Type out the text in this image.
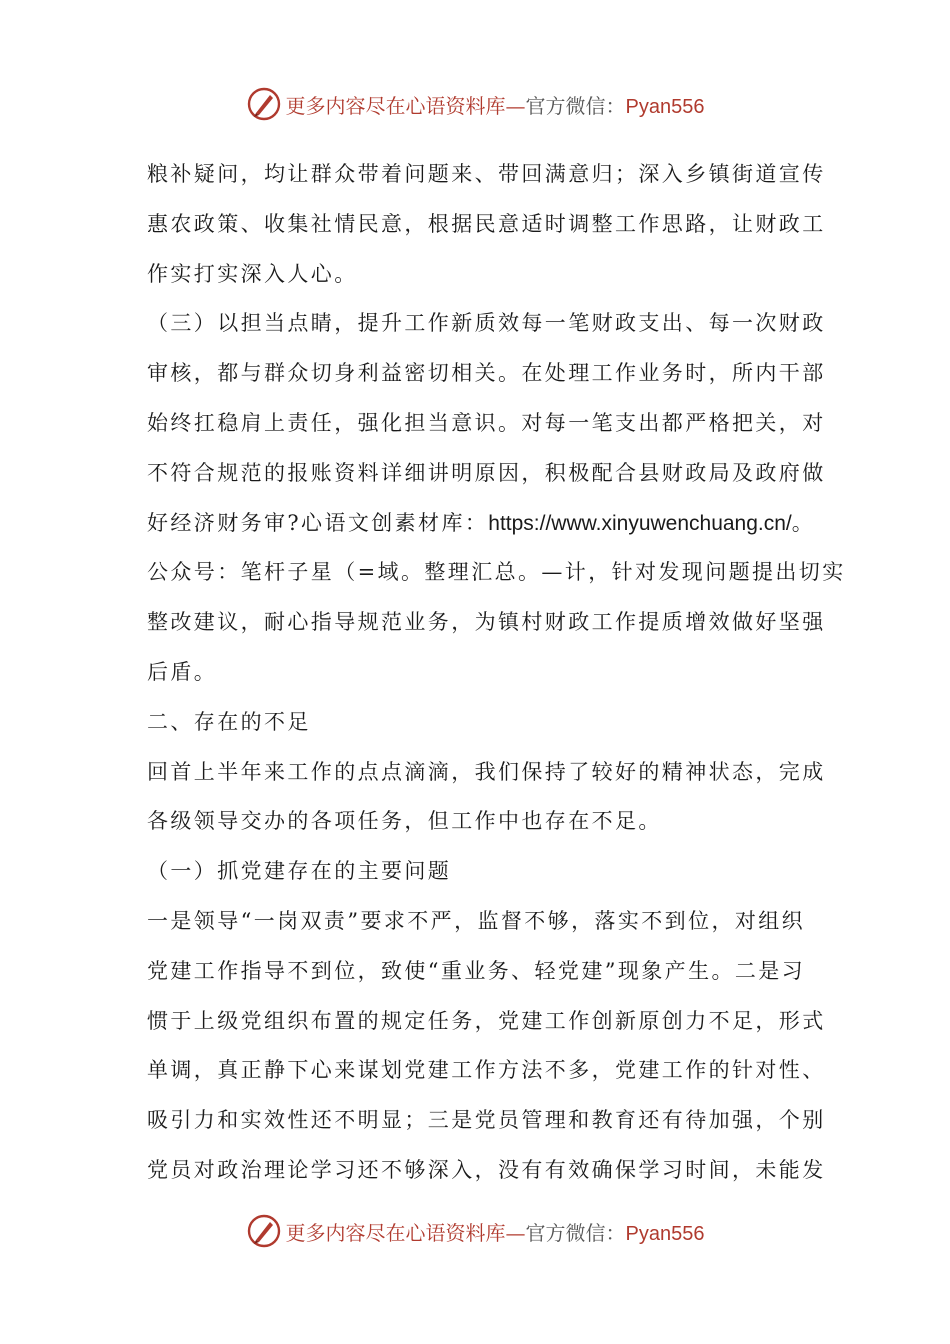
更多内容尽在心语资料库—官方微信：Pyan556
粮补疑问，均让群众带着问题来、带回满意归；深入乡镇街道宣传
惠农政策、收集社情民意，根据民意适时调整工作思路，让财政工
作实打实深入人心。
（三）以担当点睛，提升工作新质效每一笔财政支出、每一次财政
审核，都与群众切身利益密切相关。在处理工作业务时，所内干部
始终扛稳肩上责任，强化担当意识。对每一笔支出都严格把关，对
不符合规范的报账资料详细讲明原因，积极配合县财政局及政府做
好经济财务审?心语文创素材库：https://www.xinyuwenchuang.cn/。
公众号：笔杆子星（=域。整理汇总。—计，针对发现问题提出切实
整改建议，耐心指导规范业务，为镇村财政工作提质增效做好坚强
后盾。
二、存在的不足
回首上半年来工作的点点滴滴，我们保持了较好的精神状态，完成
各级领导交办的各项任务，但工作中也存在不足。
（一）抓党建存在的主要问题
一是领导“一岗双责”要求不严，监督不够，落实不到位，对组织
党建工作指导不到位，致使“重业务、轻党建”现象产生。二是习
惯于上级党组织布置的规定任务，党建工作创新原创力不足，形式
单调，真正静下心来谋划党建工作方法不多，党建工作的针对性、
吸引力和实效性还不明显；三是党员管理和教育还有待加强，个别
党员对政治理论学习还不够深入，没有有效确保学习时间，未能发
更多内容尽在心语资料库—官方微信：Pyan556
